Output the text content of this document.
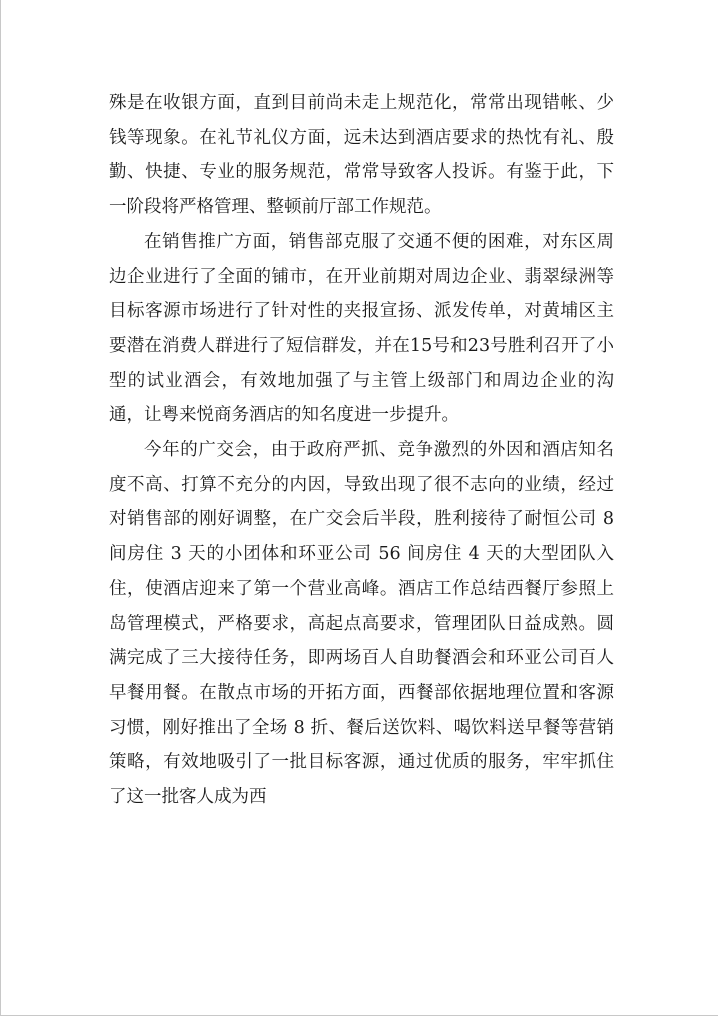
殊是在收银方面，直到目前尚未走上规范化，常常出现错帐、少钱等现象。在礼节礼仪方面，远未达到酒店要求的热忱有礼、殷勤、快捷、专业的服务规范，常常导致客人投诉。有鉴于此，下一阶段将严格管理、整顿前厅部工作规范。

在销售推广方面，销售部克服了交通不便的困难，对东区周边企业进行了全面的铺市，在开业前期对周边企业、翡翠绿洲等目标客源市场进行了针对性的夹报宣扬、派发传单，对黄埔区主要潜在消费人群进行了短信群发，并在15号和23号胜利召开了小型的试业酒会，有效地加强了与主管上级部门和周边企业的沟通，让粤来悦商务酒店的知名度进一步提升。

今年的广交会，由于政府严抓、竞争激烈的外因和酒店知名度不高、打算不充分的内因，导致出现了很不志向的业绩，经过对销售部的刚好调整，在广交会后半段，胜利接待了耐恒公司 8 间房住 3 天的小团体和环亚公司 56 间房住 4 天的大型团队入住，使酒店迎来了第一个营业高峰。酒店工作总结西餐厅参照上岛管理模式，严格要求，高起点高要求，管理团队日益成熟。圆满完成了三大接待任务，即两场百人自助餐酒会和环亚公司百人早餐用餐。在散点市场的开拓方面，西餐部依据地理位置和客源习惯，刚好推出了全场 8 折、餐后送饮料、喝饮料送早餐等营销策略，有效地吸引了一批目标客源，通过优质的服务，牢牢抓住了这一批客人成为西
